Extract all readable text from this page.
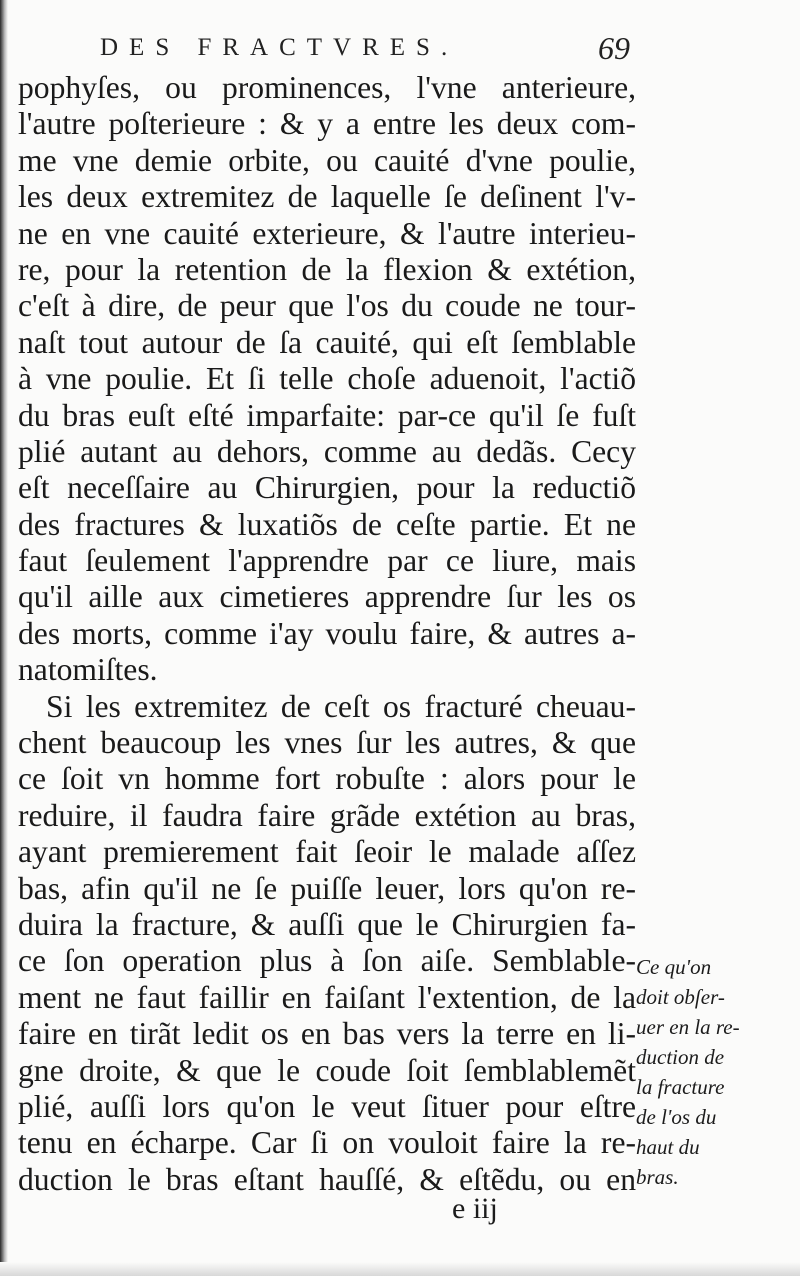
DES FRACTVRES.	69
pophyſes, ou prominences, l'vne anterieure,
l'autre poſterieure : & y a entre les deux com-
me vne demie orbite, ou cauité d'vne poulie,
les deux extremitez de laquelle ſe deſinent l'v-
ne en vne cauité exterieure, & l'autre interieu-
re, pour la retention de la flexion & extétion,
c'eſt à dire, de peur que l'os du coude ne tour-
naſt tout autour de ſa cauité, qui eſt ſemblable
à vne poulie. Et ſi telle choſe aduenoit, l'actiõ
du bras euſt eſté imparfaite: par-ce qu'il ſe fuſt
plié autant au dehors, comme au dedãs. Cecy
eſt neceſſaire au Chirurgien, pour la reductiõ
des fractures & luxatiõs de ceſte partie. Et ne
faut ſeulement l'apprendre par ce liure, mais
qu'il aille aux cimetieres apprendre ſur les os
des morts, comme i'ay voulu faire, & autres a-
natomiſtes.
Si les extremitez de ceſt os fracturé cheuau-
chent beaucoup les vnes ſur les autres, & que
ce ſoit vn homme fort robuſte : alors pour le
reduire, il faudra faire grãde extétion au bras,
ayant premierement fait ſeoir le malade aſſez
bas, afin qu'il ne ſe puiſſe leuer, lors qu'on re-
duira la fracture, & auſſi que le Chirurgien fa-
ce ſon operation plus à ſon aiſe. Semblable-
ment ne faut faillir en faiſant l'extention, de la
faire en tirãt ledit os en bas vers la terre en li-
gne droite, & que le coude ſoit ſemblablemẽt
plié, auſſi lors qu'on le veut ſituer pour eſtre
tenu en écharpe. Car ſi on vouloit faire la re-
duction le bras eſtant hauſſé, & eſtẽdu, ou en
Ce qu'on
doit obſer-
uer en la re-
duction de
la fracture
de l'os du
haut du
bras.
e iij
